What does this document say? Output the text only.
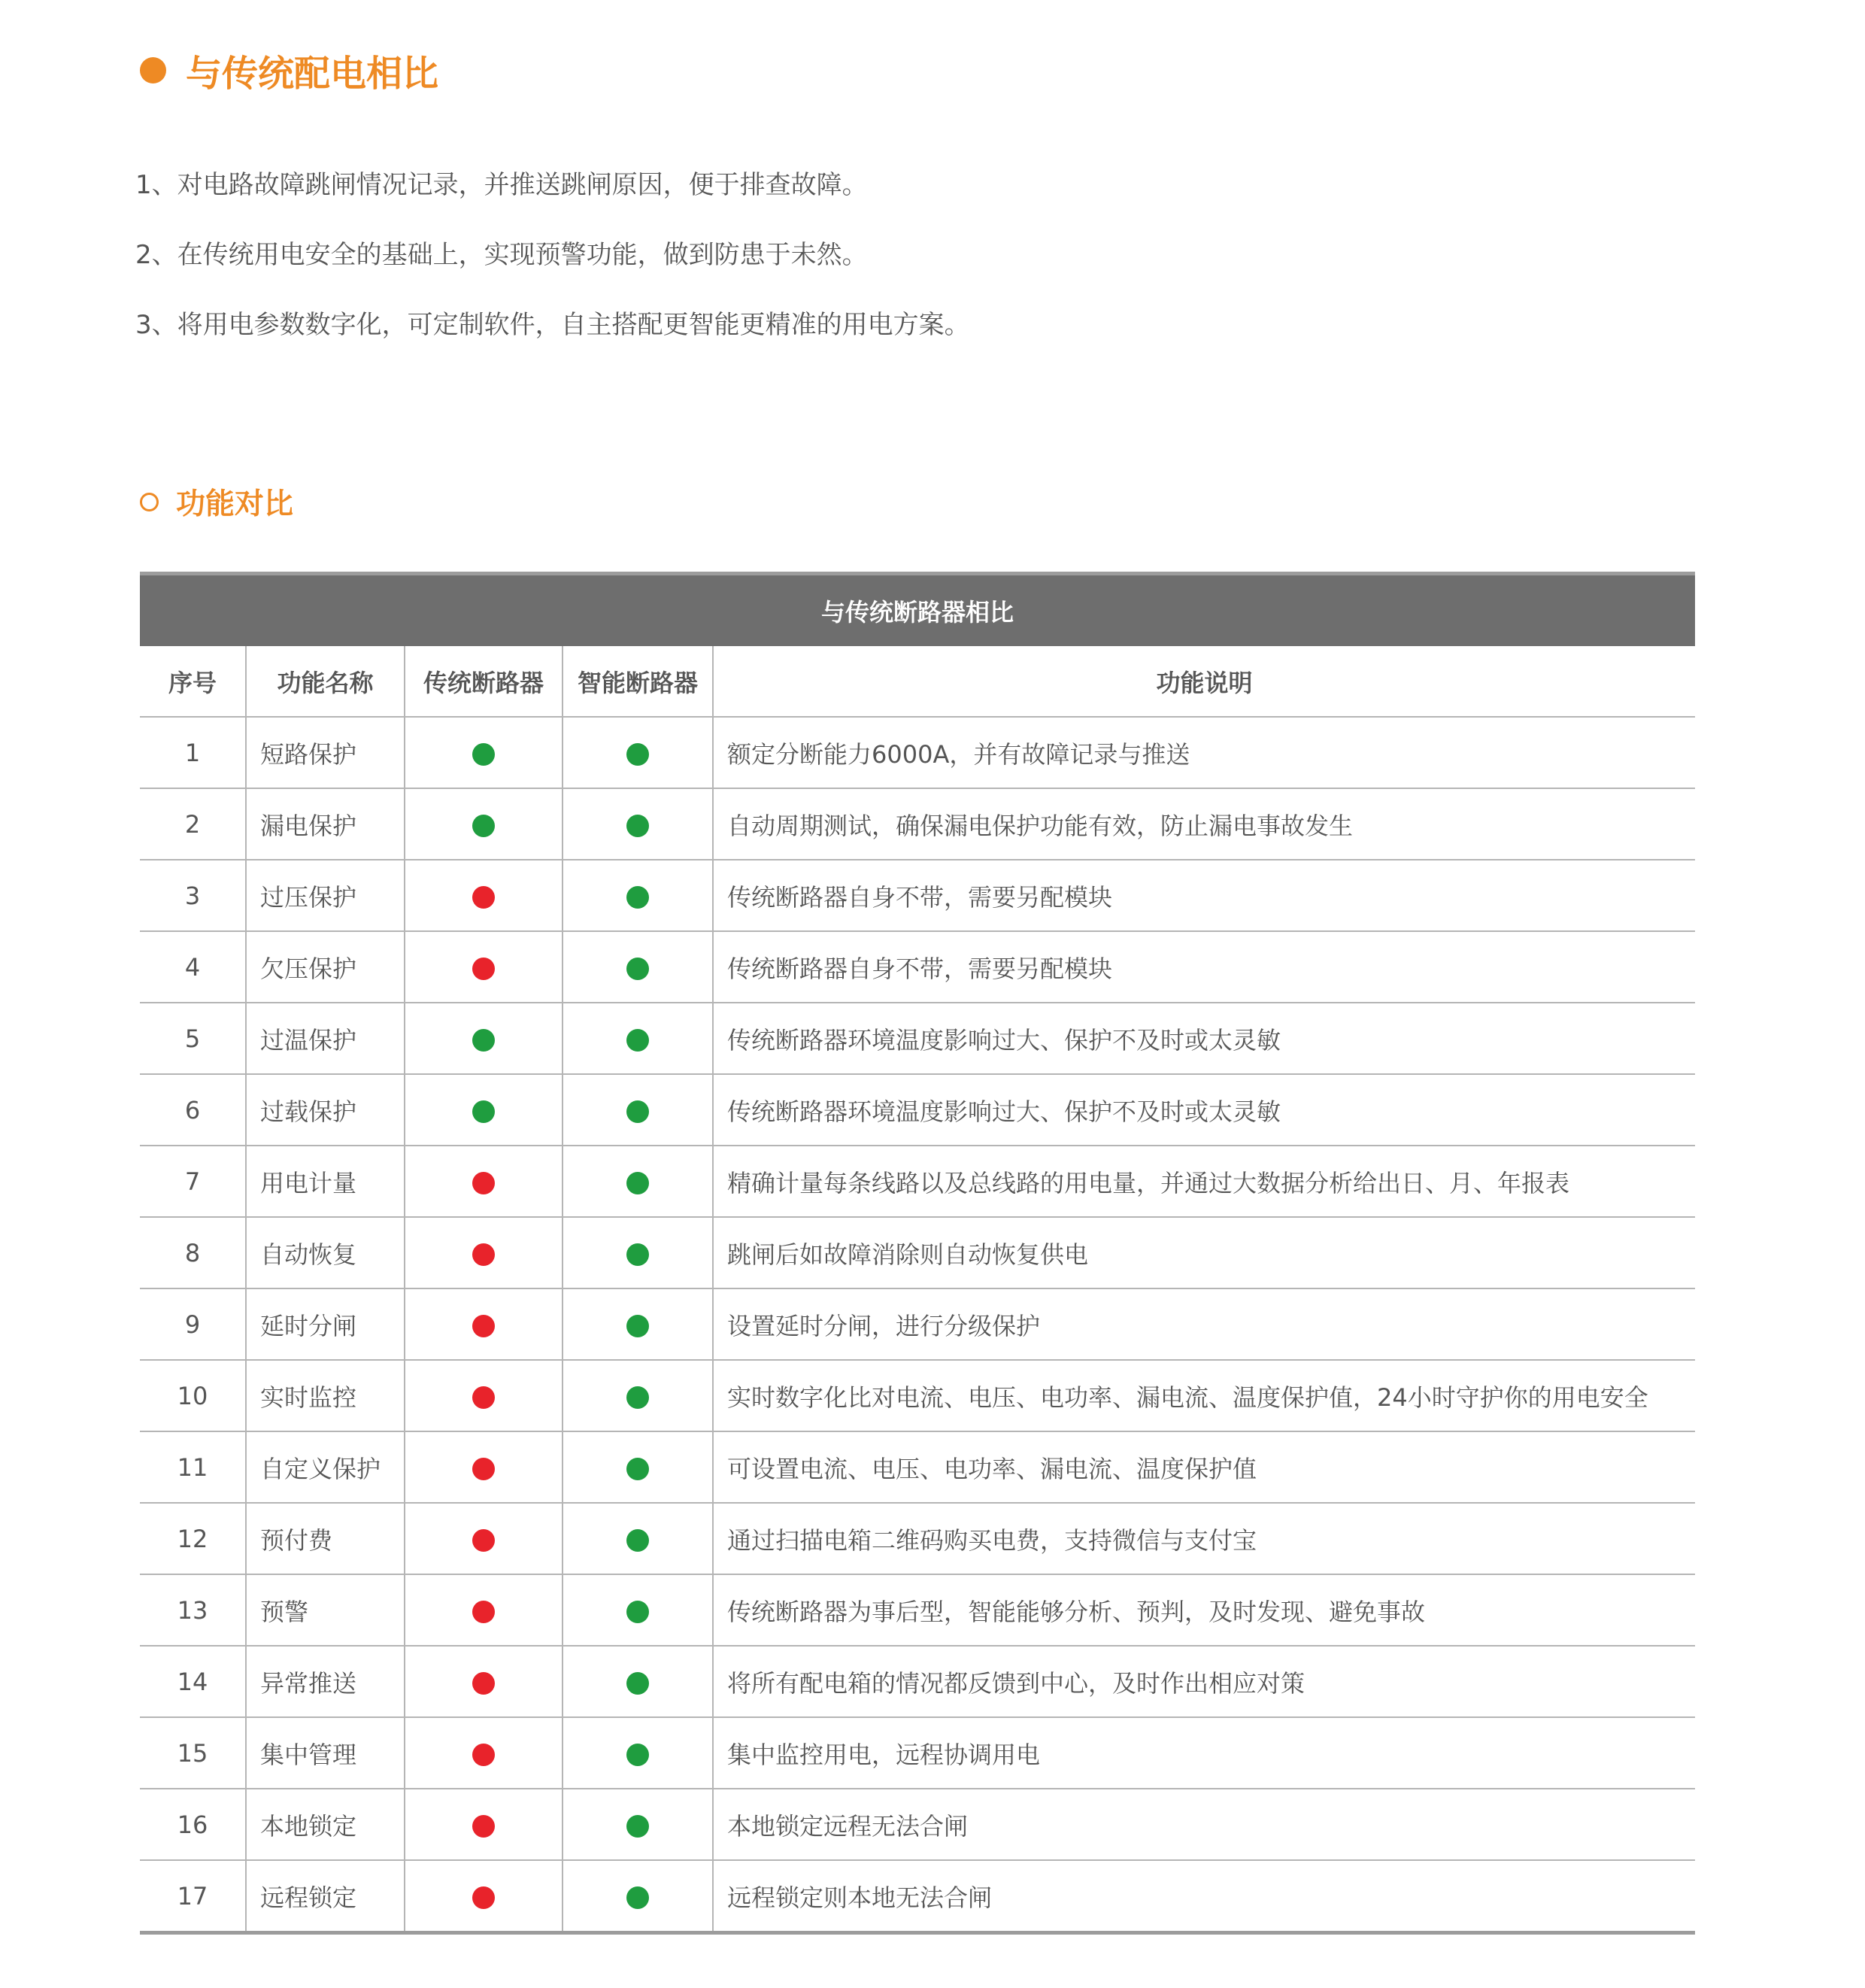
与传统配电相比
1、对电路故障跳闸情况记录，并推送跳闸原因，便于排查故障。
2、在传统用电安全的基础上，实现预警功能，做到防患于未然。
3、将用电参数数字化，可定制软件，自主搭配更智能更精准的用电方案。
功能对比
与传统断路器相比
序号	功能名称	传统断路器	智能断路器	功能说明
1	短路保护			额定分断能力6000A，并有故障记录与推送
2	漏电保护			自动周期测试，确保漏电保护功能有效，防止漏电事故发生
3	过压保护			传统断路器自身不带，需要另配模块
4	欠压保护			传统断路器自身不带，需要另配模块
5	过温保护			传统断路器环境温度影响过大、保护不及时或太灵敏
6	过载保护			传统断路器环境温度影响过大、保护不及时或太灵敏
7	用电计量			精确计量每条线路以及总线路的用电量，并通过大数据分析给出日、月、年报表
8	自动恢复			跳闸后如故障消除则自动恢复供电
9	延时分闸			设置延时分闸，进行分级保护
10	实时监控			实时数字化比对电流、电压、电功率、漏电流、温度保护值，24小时守护你的用电安全
11	自定义保护			可设置电流、电压、电功率、漏电流、温度保护值
12	预付费			通过扫描电箱二维码购买电费，支持微信与支付宝
13	预警			传统断路器为事后型，智能能够分析、预判，及时发现、避免事故
14	异常推送			将所有配电箱的情况都反馈到中心，及时作出相应对策
15	集中管理			集中监控用电，远程协调用电
16	本地锁定			本地锁定远程无法合闸
17	远程锁定			远程锁定则本地无法合闸
